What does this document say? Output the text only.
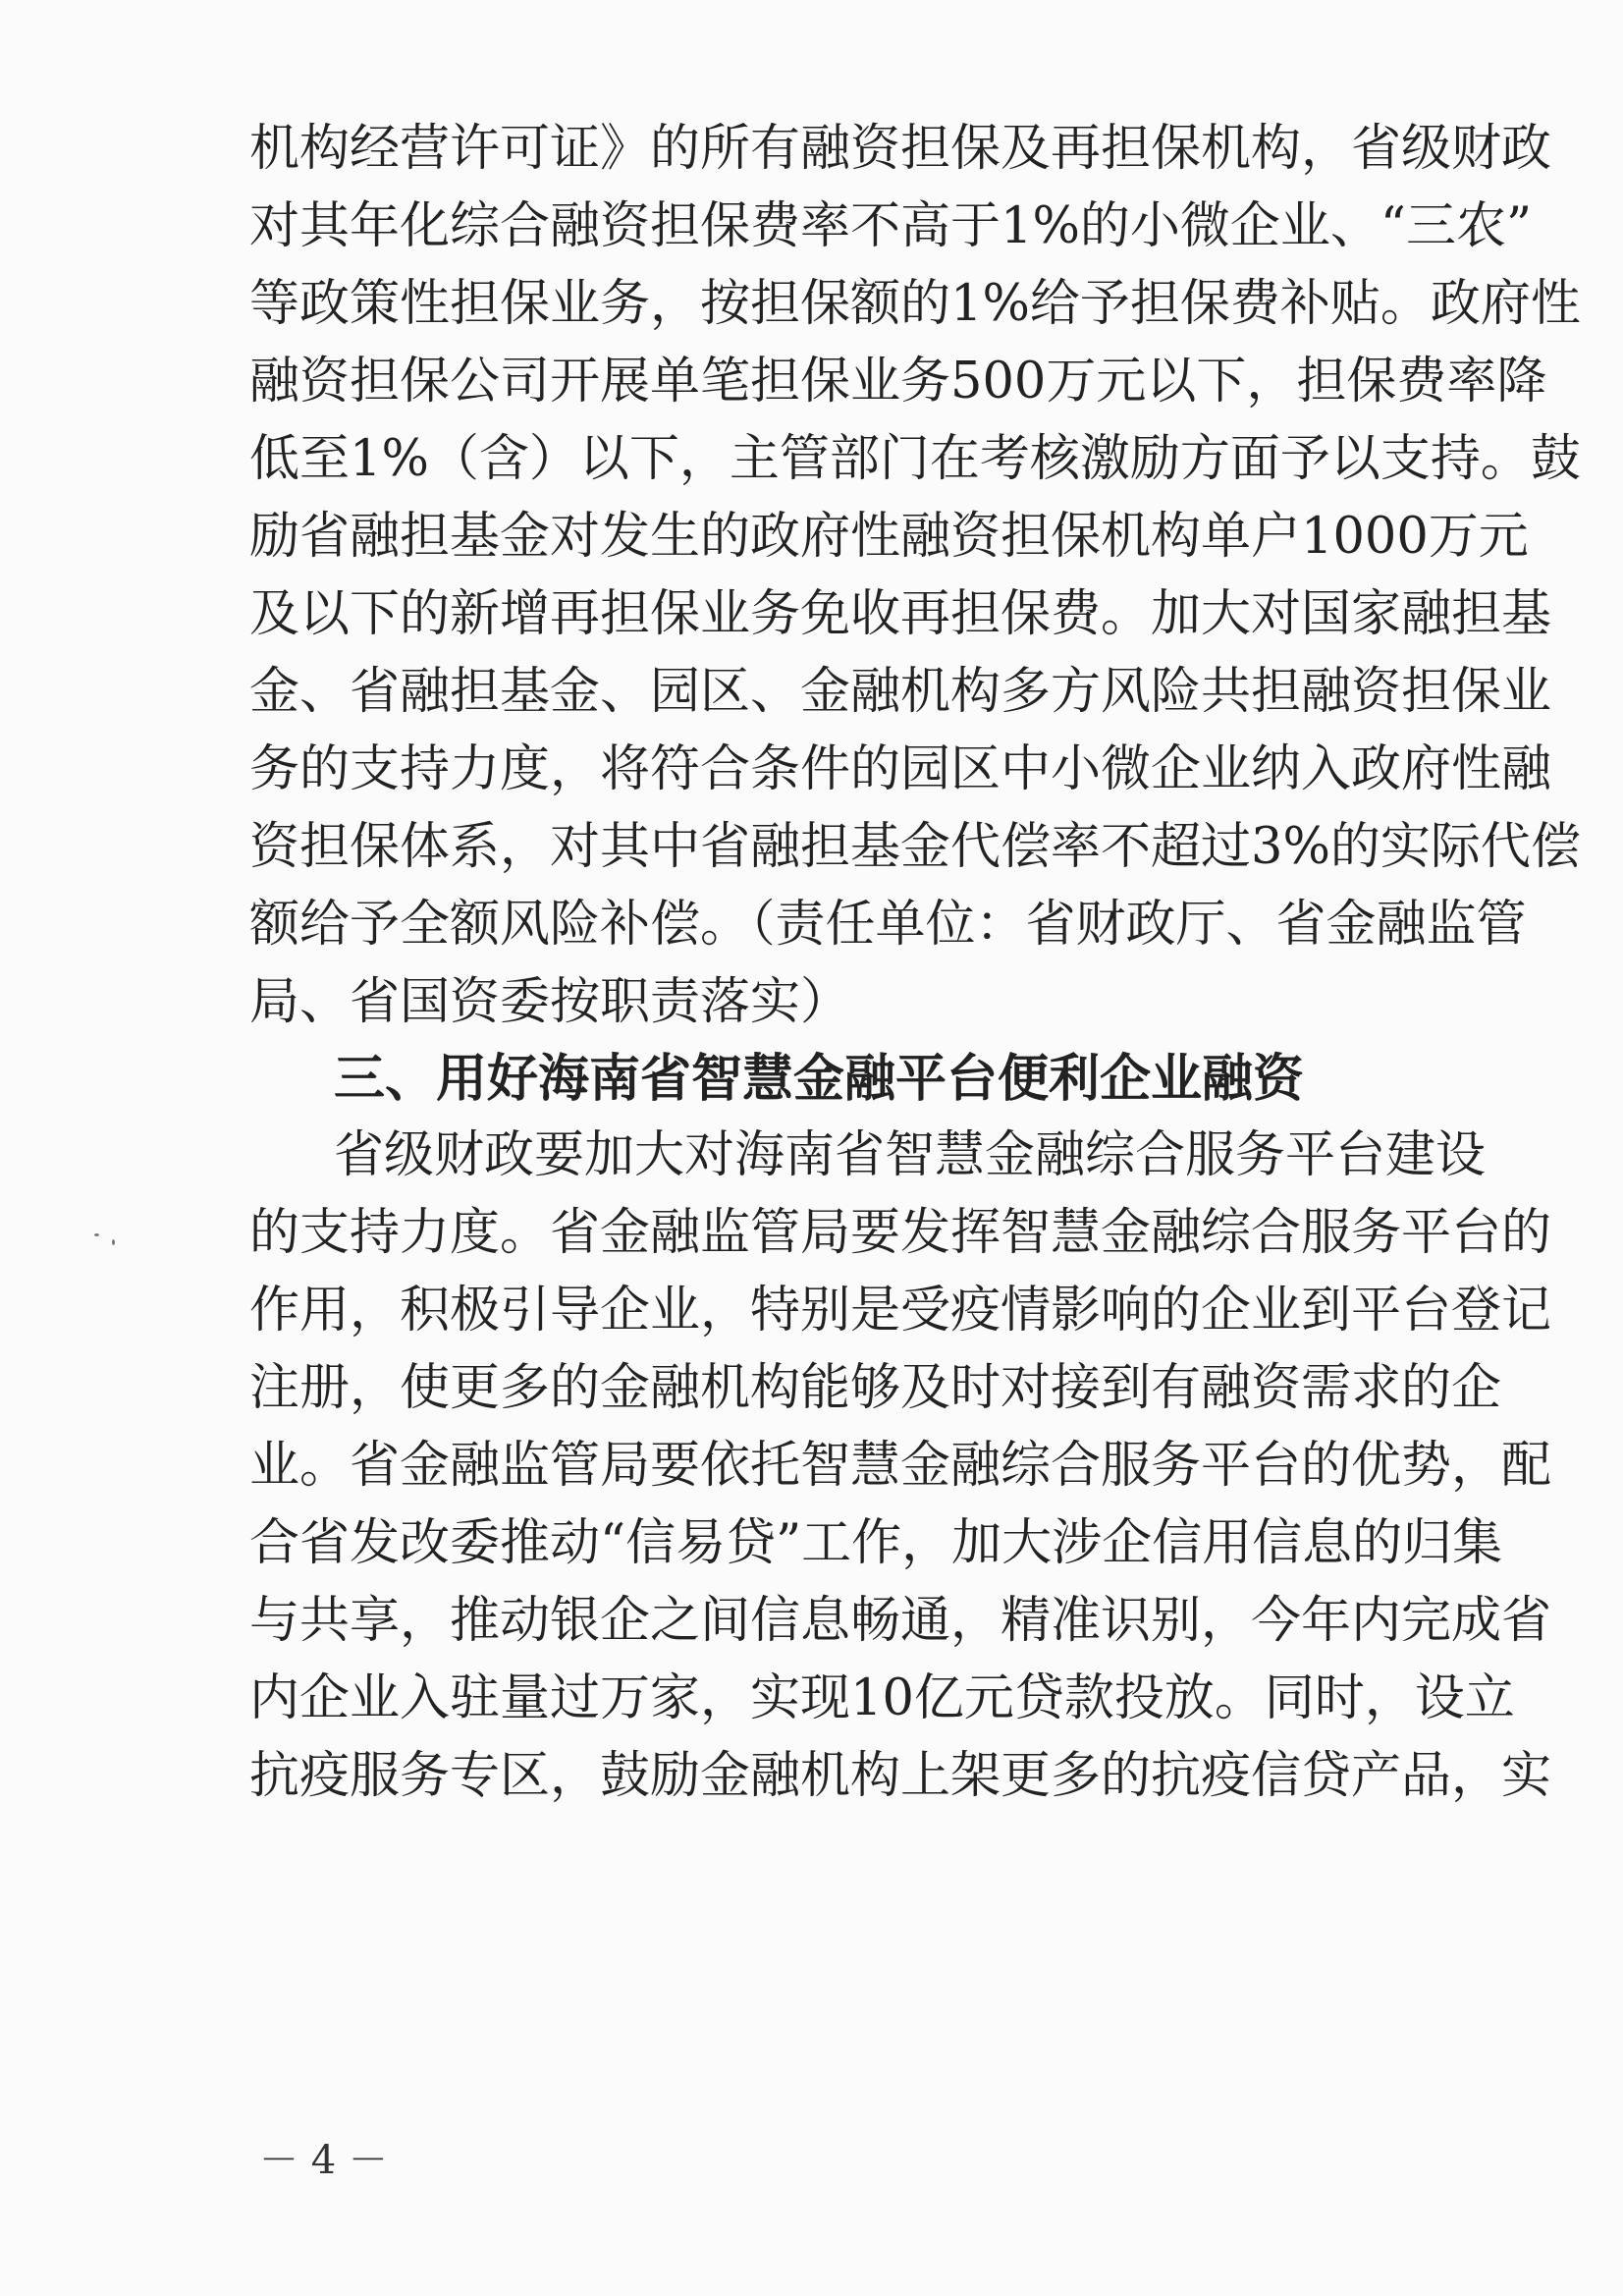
机构经营许可证》的所有融资担保及再担保机构，省级财政
对其年化综合融资担保费率不高于1%的小微企业、“三农”
等政策性担保业务，按担保额的1%给予担保费补贴。政府性
融资担保公司开展单笔担保业务500万元以下，担保费率降
低至1%（含）以下，主管部门在考核激励方面予以支持。鼓
励省融担基金对发生的政府性融资担保机构单户1000万元
及以下的新增再担保业务免收再担保费。加大对国家融担基
金、省融担基金、园区、金融机构多方风险共担融资担保业
务的支持力度，将符合条件的园区中小微企业纳入政府性融
资担保体系，对其中省融担基金代偿率不超过3%的实际代偿
额给予全额风险补偿。（责任单位：省财政厅、省金融监管
局、省国资委按职责落实）
三、用好海南省智慧金融平台便利企业融资
省级财政要加大对海南省智慧金融综合服务平台建设
的支持力度。省金融监管局要发挥智慧金融综合服务平台的
作用，积极引导企业，特别是受疫情影响的企业到平台登记
注册，使更多的金融机构能够及时对接到有融资需求的企
业。省金融监管局要依托智慧金融综合服务平台的优势，配
合省发改委推动“信易贷”工作，加大涉企信用信息的归集
与共享，推动银企之间信息畅通，精准识别，今年内完成省
内企业入驻量过万家，实现10亿元贷款投放。同时，设立
抗疫服务专区，鼓励金融机构上架更多的抗疫信贷产品，实
－ 4 －
